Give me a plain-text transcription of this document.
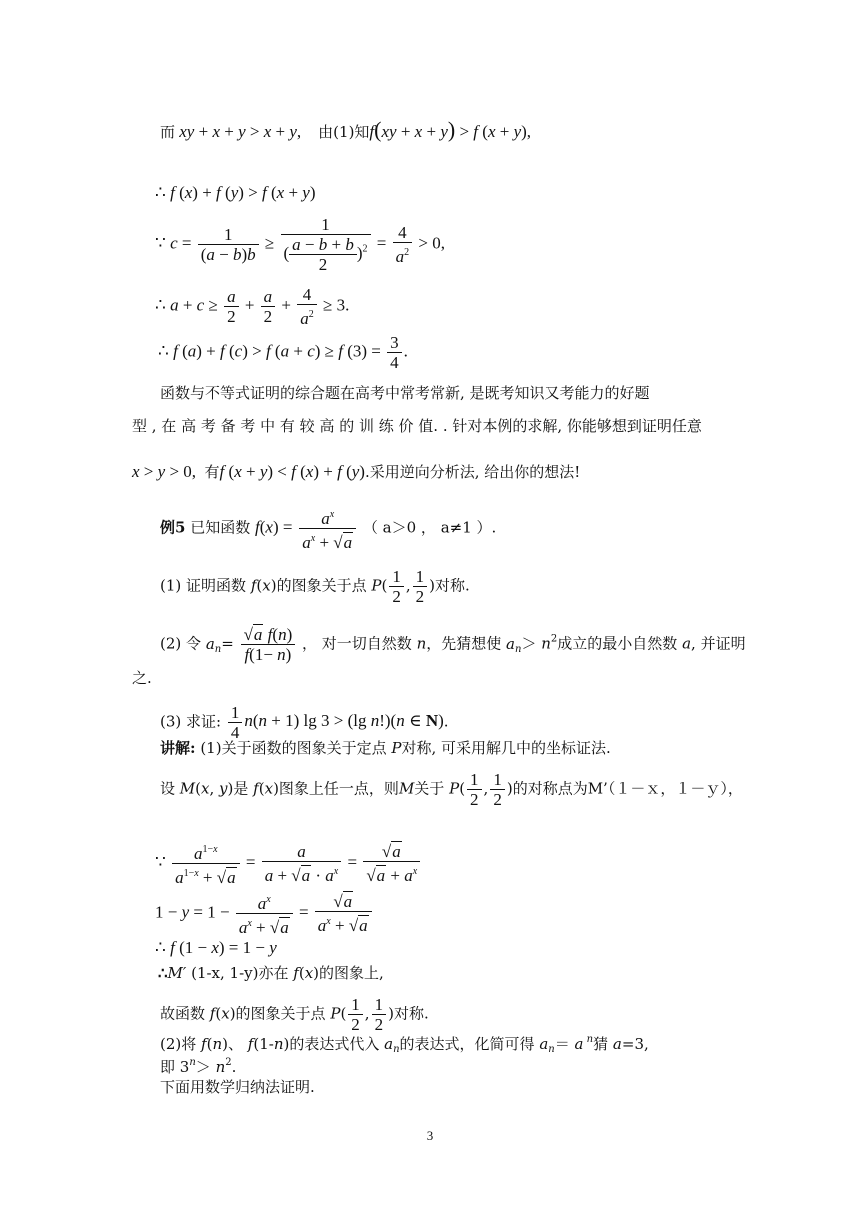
而 xy + x + y > x + y,    由(1)知f(xy + x + y) > f (x + y),
∴ f (x) + f (y) > f (x + y)
∵ $c = \frac{1}{(a - b)b} \ge \frac{1}{( \frac{a - b + b}{2} )^2} = \frac{4}{a^2} > 0$,
∴ $a + c \ge \frac{a}{2} + \frac{a}{2} + \frac{4}{a^2} \ge 3$.
∴ f (a) + f (c) > f (a + c) ≥ f $(3) = \frac{3}{4}$ .
函数与不等式证明的综合题在高考中常考常新, 是既考知识又考能力的好题
型 , 在 高 考 备 考 中 有 较 高 的 训 练 价 值. . 针对本例的求解, 你能够想到证明任意
x > y > 0,  有f (x + y) < f (x) + f (y).采用逆向分析法, 给出你的想法!
例5 已知函数 $f(x) = \frac{a^x}{a^x + √a}$ （ a＞0 ， a≠1 ）.
(1) 证明函数 f(x)的图象关于点 $P( \frac{1}{2}$ , $\frac{1}{2}$ )对称.
(2) 令 $a_n= \frac{\text{√a f(n)}}{f(1- n)}$ ， 对一切自然数 n，先猜想使 $a_n> n^2$成立的最小自然数 a, 并证明
之.
(3) 求证: $\frac{1}{4} n(n + 1)$ lg 3 > (lg n!)(n ∈ N).
讲解: (1)关于函数的图象关于定点 P对称, 可采用解几中的坐标证法.
设 M(x, y)是 f(x)图象上任一点，则M关于 $P( \frac{1}{2}$ , $\frac{1}{2}$ )的对称点为M’（１－ｘ，１－ｙ），
∵ $\frac{a^{1-x}}{a^{1-x} + √a} = \frac{a}{a + √a \cdot a^x} = \frac{√a}{√a + a^x}$
$1 - y = 1 - \frac{a^x}{a^x + √a} = \frac{√a}{a^x + √a}$
∴ f (1 − x) = 1 − y
∴M′ (1-x, 1-y)亦在 f(x)的图象上,
故函数 f(x)的图象关于点 $P( \frac{1}{2}$ , $\frac{1}{2}$ )对称.
(2)将 f(n)、 f(1-n)的表达式代入 $a_n$的表达式，化简可得 $a_n= a$ $^n$猜 a=3,
即 $3^n> n^2$.
下面用数学归纳法证明.
3
